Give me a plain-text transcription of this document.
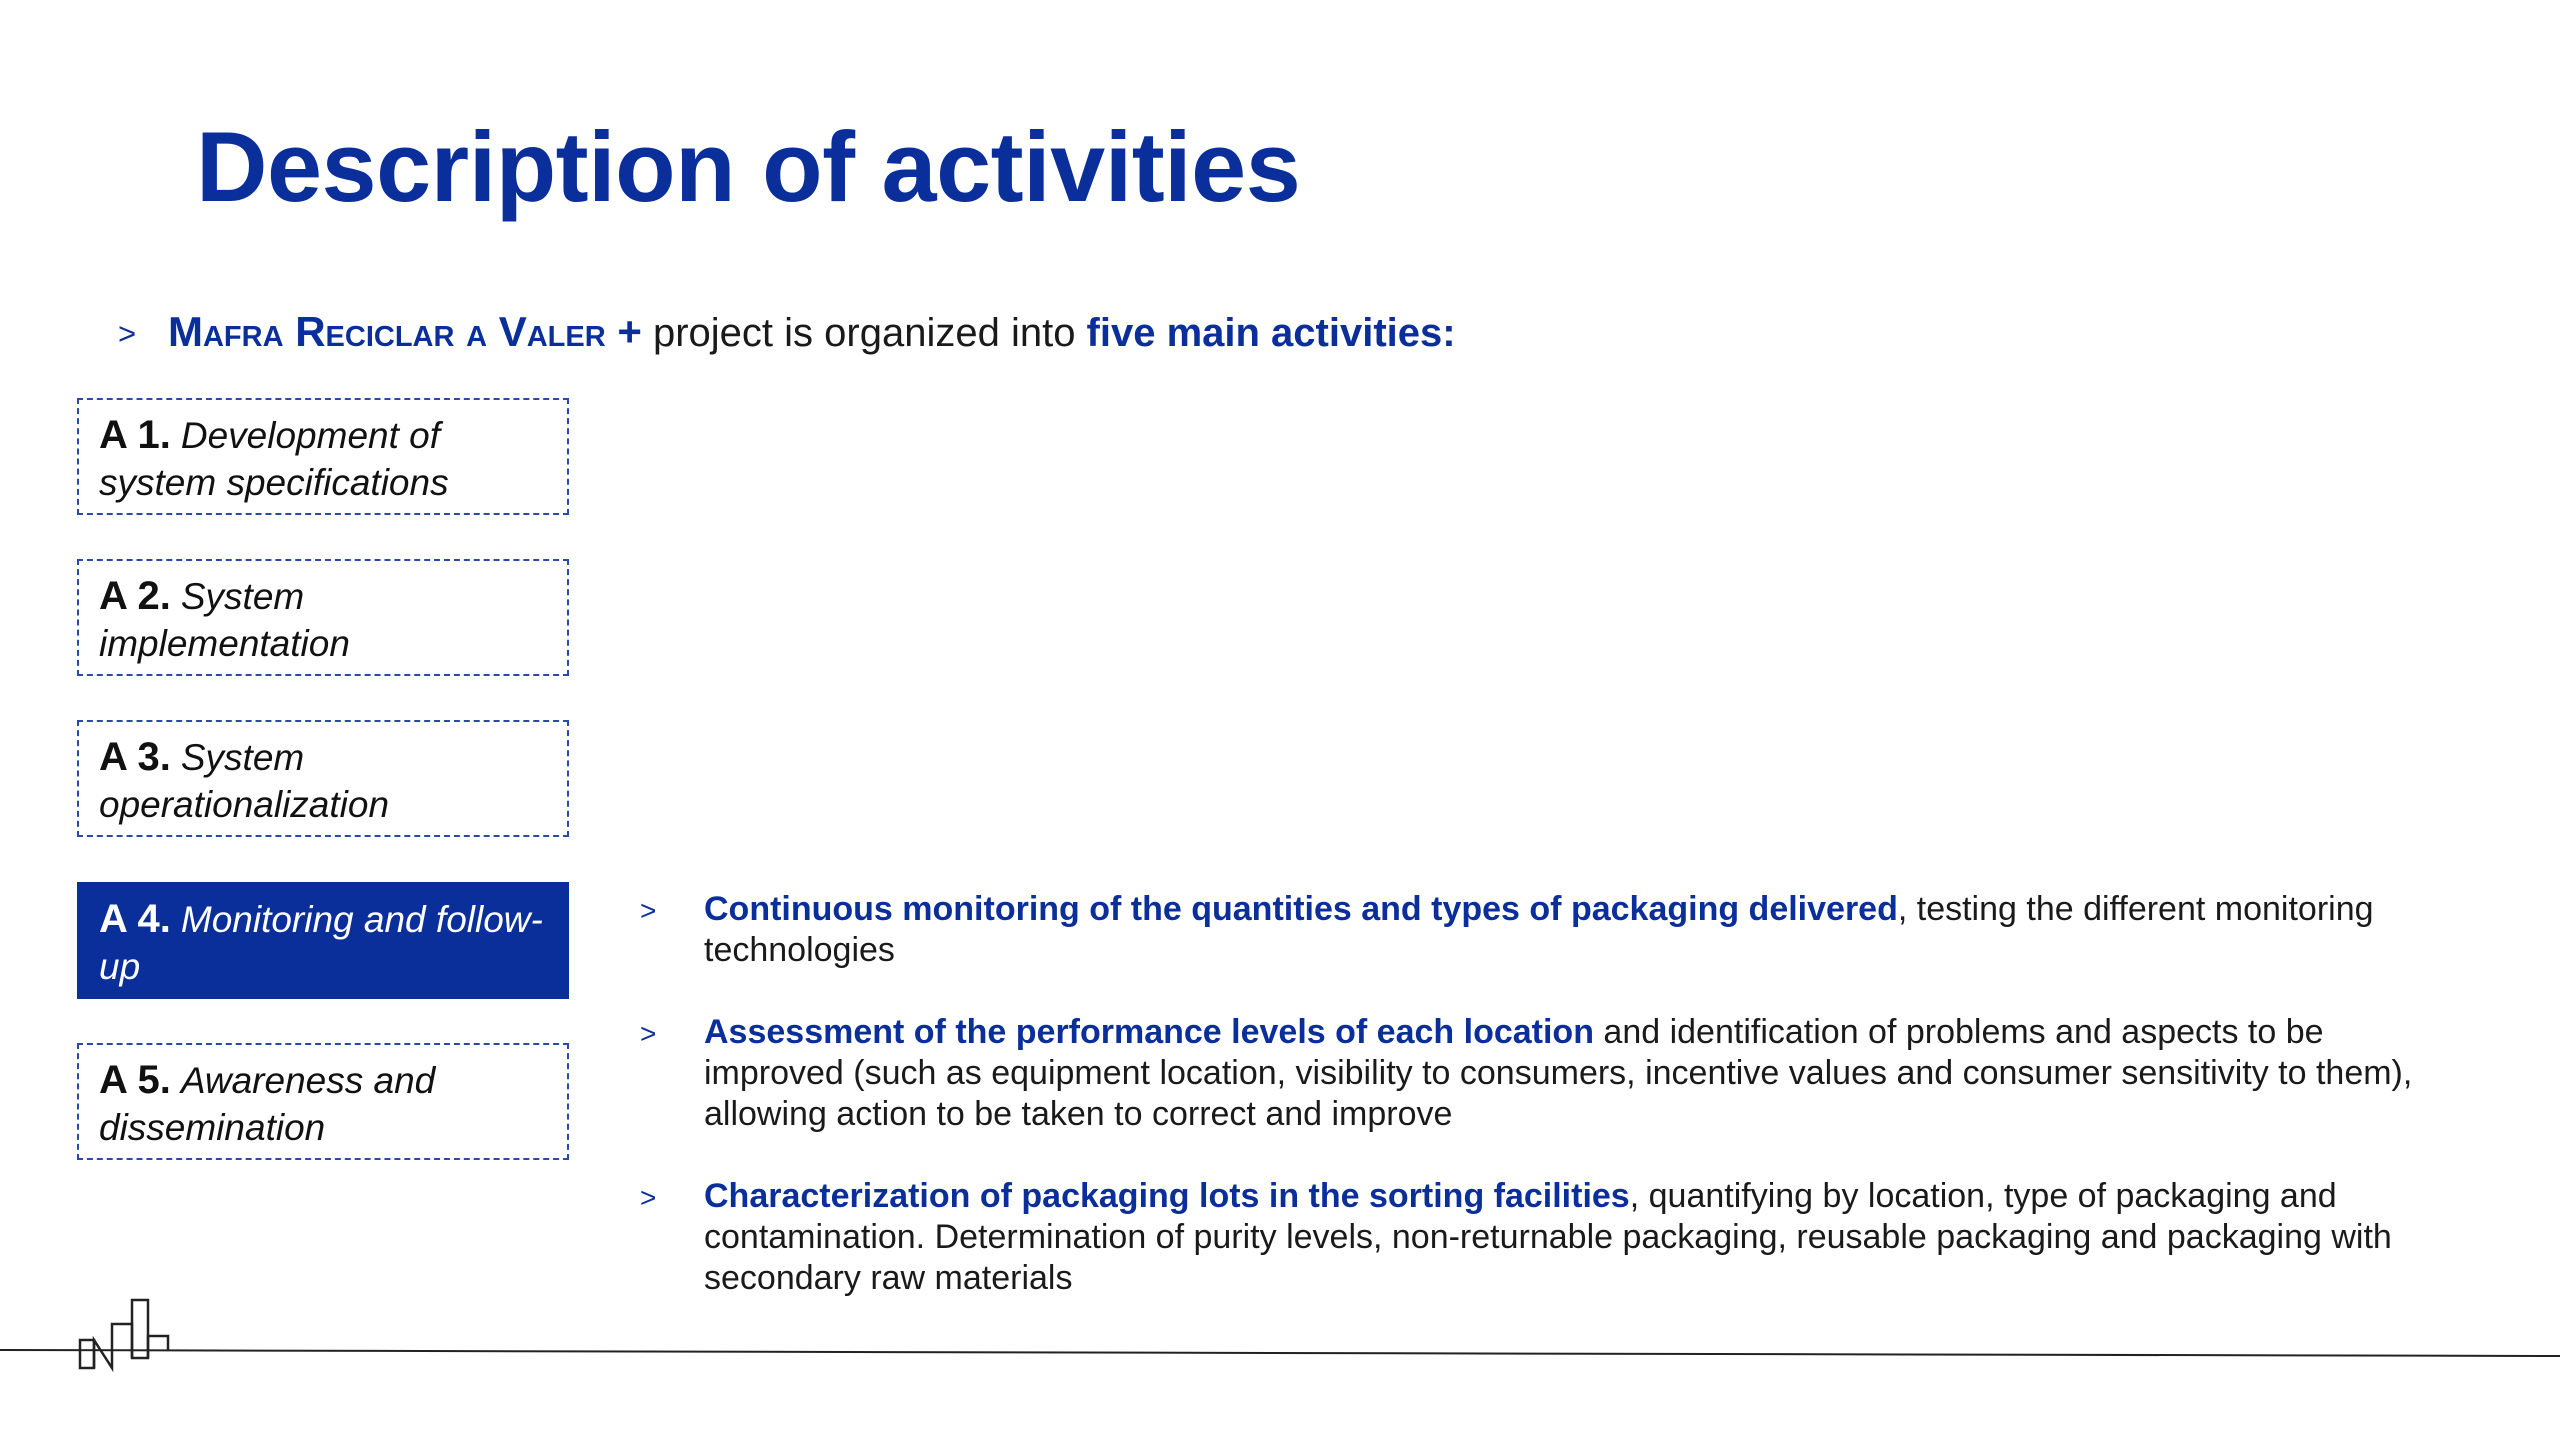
Description of activities
> Mafra Reciclar a Valer + project is organized into five main activities:
A 1. Development of system specifications
A 2. System implementation
A 3. System operationalization
A 4. Monitoring and follow-up
A 5. Awareness and dissemination
> Continuous monitoring of the quantities and types of packaging delivered, testing the different monitoring technologies
> Assessment of the performance levels of each location and identification of problems and aspects to be improved (such as equipment location, visibility to consumers, incentive values and consumer sensitivity to them), allowing action to be taken to correct and improve
> Characterization of packaging lots in the sorting facilities, quantifying by location, type of packaging and contamination. Determination of purity levels, non-returnable packaging, reusable packaging and packaging with secondary raw materials
